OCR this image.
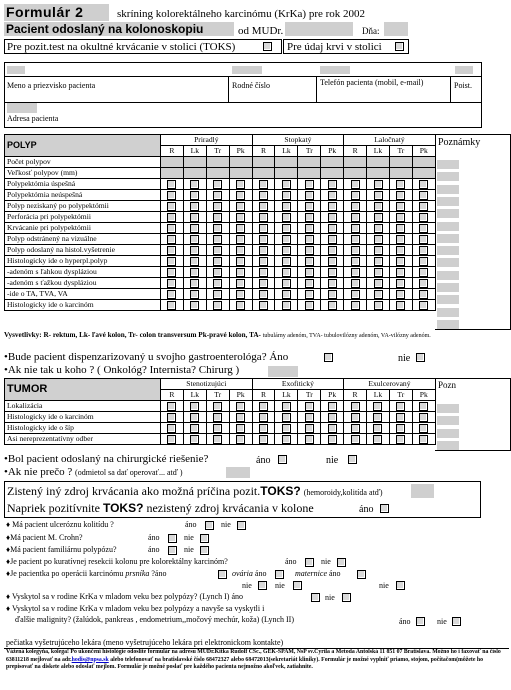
Formulár 2	skríning kolorektálneho karcinómu (KrKa) pre rok 2002
Pacient odoslaný na kolonoskopiu	od MUDr.	Dňa:
Pre pozit.test na okultné krvácanie v stolici (TOKS)	Pre údaj krvi v stolici
Meno a priezvisko pacienta	Rodné číslo	Telefón pacienta (mobil, e-mail)	Poist.
Adresa pacienta
POLYP	Priradlý				Stopkatý				Laločnatý			
	R	Lk	Tr	Pk	R	Lk	Tr	Pk	R	Lk	Tr	Pk
Počet polypov												
Veľkosť polypov (mm)												
Polypektómia úspešná												
Polypektómia neúspešná												
Polyp neziskaný po polypektómii												
Perforácia pri polypektómii												
Krvácanie pri polypektómii												
Polyp odstránený na vizuálne												
Polyp odoslaný na histol.vyšetrenie												
Histologicky ide o hyperpl.polyp												
-adenóm s ľahkou dyspláziou												
-adenóm s ťažkou dyspláziou												
-ide o TA, TVA, VA												
Histologicky ide o karcinóm												
Poznámky
Vysvetlivky: R- rektum, Lk- ľavé kolon, Tr- colon transversum Pk-pravé kolon, TA- tubulárny adenóm, TVA- tubulovilózny adenóm, VA-vilózny adenóm.
•Bude pacient dispenzarizovaný u svojho gastroenterológa? Áno	nie
•Ak nie tak u koho ? ( Onkológ? Internista? Chirurg )
TUMOR	Stenotizujúci				Exofitický				Exulcerovaný			
	R	Lk	Tr	Pk	R	Lk	Tr	Pk	R	Lk	Tr	Pk
Lokalizácia												
Histologicky ide o karcinóm												
Histologicky ide o šíp												
Asi nereprezentatívny odber												
Pozn
•Bol pacient odoslaný na chirurgické riešenie?	áno	nie
•Ak nie prečo ? (odmietol sa dať operovať... atď )
Zistený iný zdroj krvácania ako možná príčina pozit.TOKS? (hemoroidy,kolitída atď)
Napriek pozitívnite TOKS? nezistený zdroj krvácania v kolone	áno
♦ Má pacient ulceróznu kolitídu ?	áno	nie
♦Má pacient M. Crohn?	áno	nie
♦Má pacient familiárnu polypózu?	áno	nie
♦Je pacient po kuratívnej resekcii kolonu pre kolorektálny karcinóm?	áno	nie
♦Je pacientka po operácii karcinómu prsníka ?áno	ovária áno	maternice áno
nie	nie	nie
♦ Vyskytol sa v rodine KrKa v mladom veku bez polypózy? (Lynch I) áno	nie
♦ Vyskytol sa v rodine KrKa v mladom veku bez polypózy a navyše sa vyskytli i
ďalšie malignity? (žalúdok, pankreas , endometrium,,močový mechúr, koža) (Lynch II)	áno	nie
pečiatka vyšetrujúceho lekára (meno vyšetrujúceho lekára pri elektronickom kontakte)
Vážená kolegyňa, kolega! Po ukončení histológie odoslite formulár na adresu MUDr.Kitka Rudolf CSc., GEK-SPAM, NsP sv.Cyrila a Metoda Antolská 11 851 07 Bratislava. Možno ho i faxovať na číslo 63811218 mejlovať na adr.hodis@npsa.sk alebo telefonovať na bratislavské číslo 68472327 alebo 68472013(sekretariát kliniky). Formulár je možné vyplniť priamo, stojom, počítačom(môžete ho prepisovať na diskete alebo odoslať mejlom. Formulár je možné poslať pre každého pacienta nejmožno akoľvek, zatiahnite.
